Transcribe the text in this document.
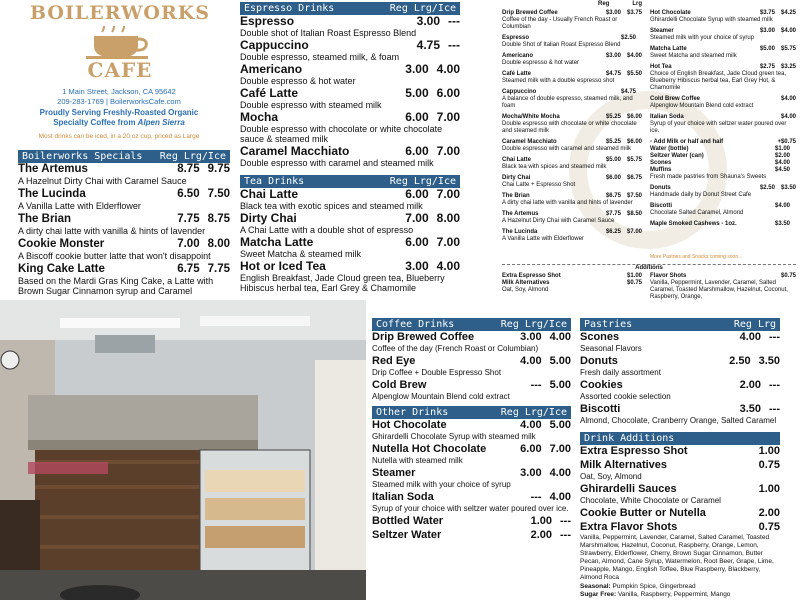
BOILERWORKS
CAFE
1 Main Street, Jackson, CA 95642
209-283-1769 | BoilerworksCafe.com
Proudly Serving Freshly-Roasted Organic
Specialty Coffee from Alpen Sierra
Most drinks can be iced, in a 20 oz cup, priced as Large
Boilerworks Specials Reg Lrg/Ice
The Artemus	8.75 9.75
A Hazelnut Dirty Chai with Caramel Sauce
The Lucinda	6.50 7.50
A Vanilla Latte with Elderflower
The Brian	7.75 8.75
A dirty chai latte with vanilla & hints of lavender
Cookie Monster	7.00 8.00
A Biscoff cookie butter latte that won't disappoint
King Cake Latte	6.75 7.75
Based on the Mardi Gras King Cake, a Latte with Brown Sugar Cinnamon syrup and Caramel
Espresso Drinks	Reg Lrg/Ice
Espresso	3.00 ---
Double shot of Italian Roast Espresso Blend
Cappuccino	4.75 ---
Double espresso, steamed milk, & foam
Americano	3.00 4.00
Double espresso & hot water
Café Latte	5.00 6.00
Double espresso with steamed milk
Mocha	6.00 7.00
Double espresso with chocolate or white chocolate sauce & steamed milk
Caramel Macchiato	6.00 7.00
Double espresso with caramel and steamed milk
Tea Drinks	Reg Lrg/Ice
Chai Latte	6.00 7.00
Black tea with exotic spices and steamed milk
Dirty Chai	7.00 8.00
A Chai Latte with a double shot of espresso
Matcha Latte	6.00 7.00
Sweet Matcha & steamed milk
Hot or Iced Tea	3.00 4.00
English Breakfast, Jade Cloud green tea, Blueberry Hibiscus herbal tea, Earl Grey & Chamomile
Reg	Lrg
Drip Brewed Coffee	$3.00 $3.75
Coffee of the day - Usually French Roast or Columbian
Espresso	$2.50
Double Shot of Italian Roast Espresso Blend
Americano	$3.00 $4.00
Double espresso & hot water
Café Latte	$4.75 $5.50
Steamed milk with a double espresso shot
Cappuccino	$4.75
A balance of double espresso, steamed milk, and foam
Mocha/White Mocha	$5.25 $6.00
Double espresso with chocolate or white chocolate and steamed milk
Caramel Macchiato	$5.25 $6.00
Double espresso with caramel and steamed milk
Chai Latte	$5.00 $5.75
Black tea with spices and steamed milk
Dirty Chai	$6.00 $6.75
Chai Latte + Espresso Shot
The Brian	$6.75 $7.50
A dirty chai latte with vanilla and hints of lavender
The Artemus	$7.75 $8.50
A Hazelnut Dirty Chai with Caramel Sauce
The Lucinda	$6.25 $7.00
A Vanilla Latte with Elderflower
Hot Chocolate	$3.75 $4.25
Ghirardelli Chocolate Syrup with steamed milk
Steamer	$3.00 $4.00
Steamed milk with your choice of syrup
Matcha Latte	$5.00 $5.75
Sweet Matcha and steamed milk
Hot Tea	$2.75 $3.25
Choice of English Breakfast, Jade Cloud green tea, Blueberry Hibiscus herbal tea, Earl Grey Hot, & Chamomile
Cold Brew Coffee	$4.00
Alpenglow Mountain Blend cold extract
Italian Soda	$4.00
Syrup of your choice with seltzer water poured over ice.
- Add Milk or half and half	+$0.75
Water (bottle)	$1.00
Seltzer Water (can)	$2.00
Scones	$4.00
Muffins	$4.50
Fresh made pastries from Shauna's Sweets
Donuts	$2.50 $3.50
Handmade daily by Donut Street Cafe
Biscotti	$4.00
Chocolate Salted Caramel, Almond
Maple Smoked Cashews - 1oz.	$3.50
More Pastries and Snacks coming soon...
Additions
Extra Espresso Shot	$1.00
Milk Alternatives	$0.75
Oat, Soy, Almond
Flavor Shots	$0.75
Vanilla, Peppermint, Lavender, Caramel, Salted Caramel, Toasted Marshmallow, Hazelnut, Coconut, Raspberry, Orange,
Coffee Drinks	Reg Lrg/Ice
Drip Brewed Coffee	3.00 4.00
Coffee of the day (French Roast or Columbian)
Red Eye	4.00 5.00
Drip Coffee + Double Espresso Shot
Cold Brew	--- 5.00
Alpenglow Mountain Blend cold extract
Other Drinks	Reg Lrg/Ice
Hot Chocolate	4.00 5.00
Ghirardelli Chocolate Syrup with steamed milk
Nutella Hot Chocolate	6.00 7.00
Nutella with steamed milk
Steamer	3.00 4.00
Steamed milk with your choice of syrup
Italian Soda	--- 4.00
Syrup of your choice with seltzer water poured over ice.
Bottled Water	1.00 ---
Seltzer Water	2.00 ---
Pastries	Reg Lrg
Scones	4.00 ---
Seasonal Flavors
Donuts	2.50 3.50
Fresh daily assortment
Cookies	2.00 ---
Assorted cookie selection
Biscotti	3.50 ---
Almond, Chocolate, Cranberry Orange, Salted Caramel
Drink Additions
Extra Espresso Shot	1.00
Milk Alternatives	0.75
Oat, Soy, Almond
Ghirardelli Sauces	1.00
Chocolate, White Chocolate or Caramel
Cookie Butter or Nutella	2.00
Extra Flavor Shots	0.75
Vanilla, Peppermint, Lavender, Caramel, Salted Caramel, Toasted Marshmallow, Hazelnut, Coconut, Raspberry, Orange, Lemon, Strawberry, Elderflower, Cherry, Brown Sugar Cinnamon, Butter Pecan, Almond, Cane Syrup, Watermelon, Root Beer, Grape, Lime, Pineapple, Mango, English Toffee, Blue Raspberry, Blackberry, Almond Roca
Seasonal: Pumpkin Spice, Gingerbread
Sugar Free: Vanilla, Raspberry, Peppermint, Mango
